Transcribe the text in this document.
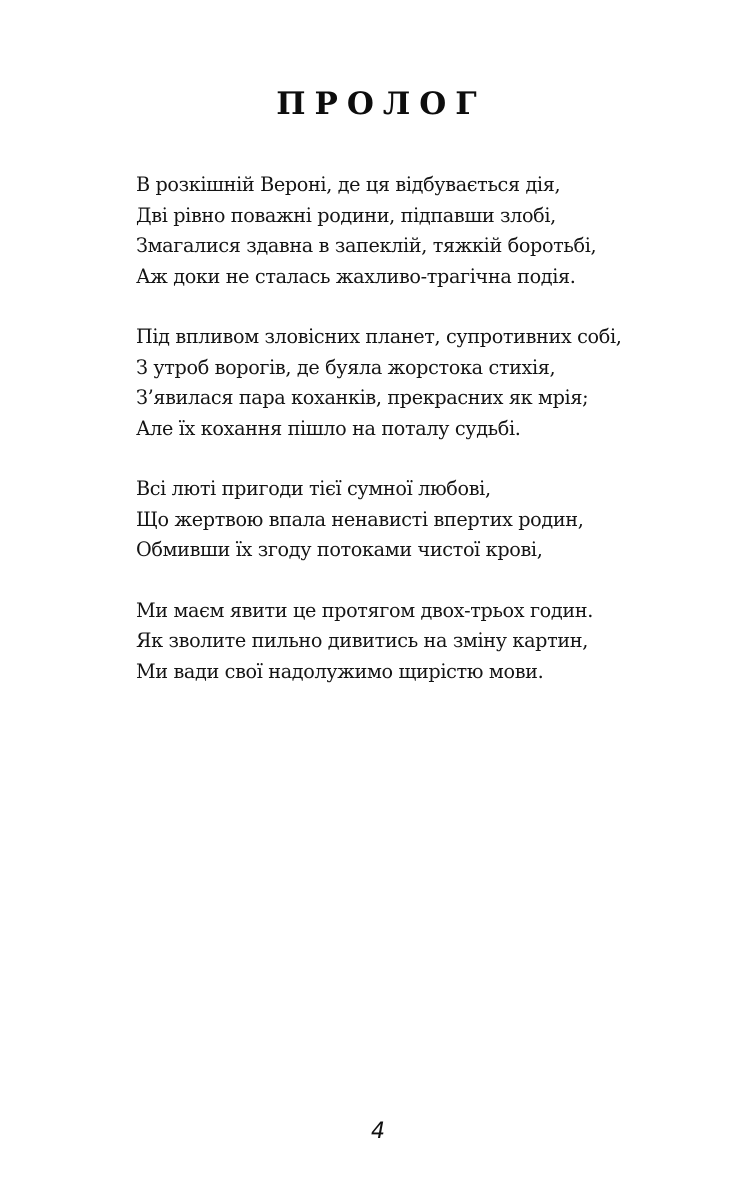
ПРОЛОГ
В розкішній Вероні, де ця відбувається дія,
Дві рівно поважні родини, підпавши злобі,
Змагалися здавна в запеклій, тяжкій боротьбі,
Аж доки не сталась жахливо-трагічна подія.
Під впливом зловісних планет, супротивних собі,
З утроб ворогів, де буяла жорстока стихія,
З’явилася пара коханків, прекрасних як мрія;
Але їх кохання пішло на поталу судьбі.
Всі люті пригоди тієї сумної любові,
Що жертвою впала ненависті впертих родин,
Обмивши їх згоду потоками чистої крові,
Ми маєм явити це протягом двох-трьох годин.
Як зволите пильно дивитись на зміну картин,
Ми вади свої надолужимо щирістю мови.
4
